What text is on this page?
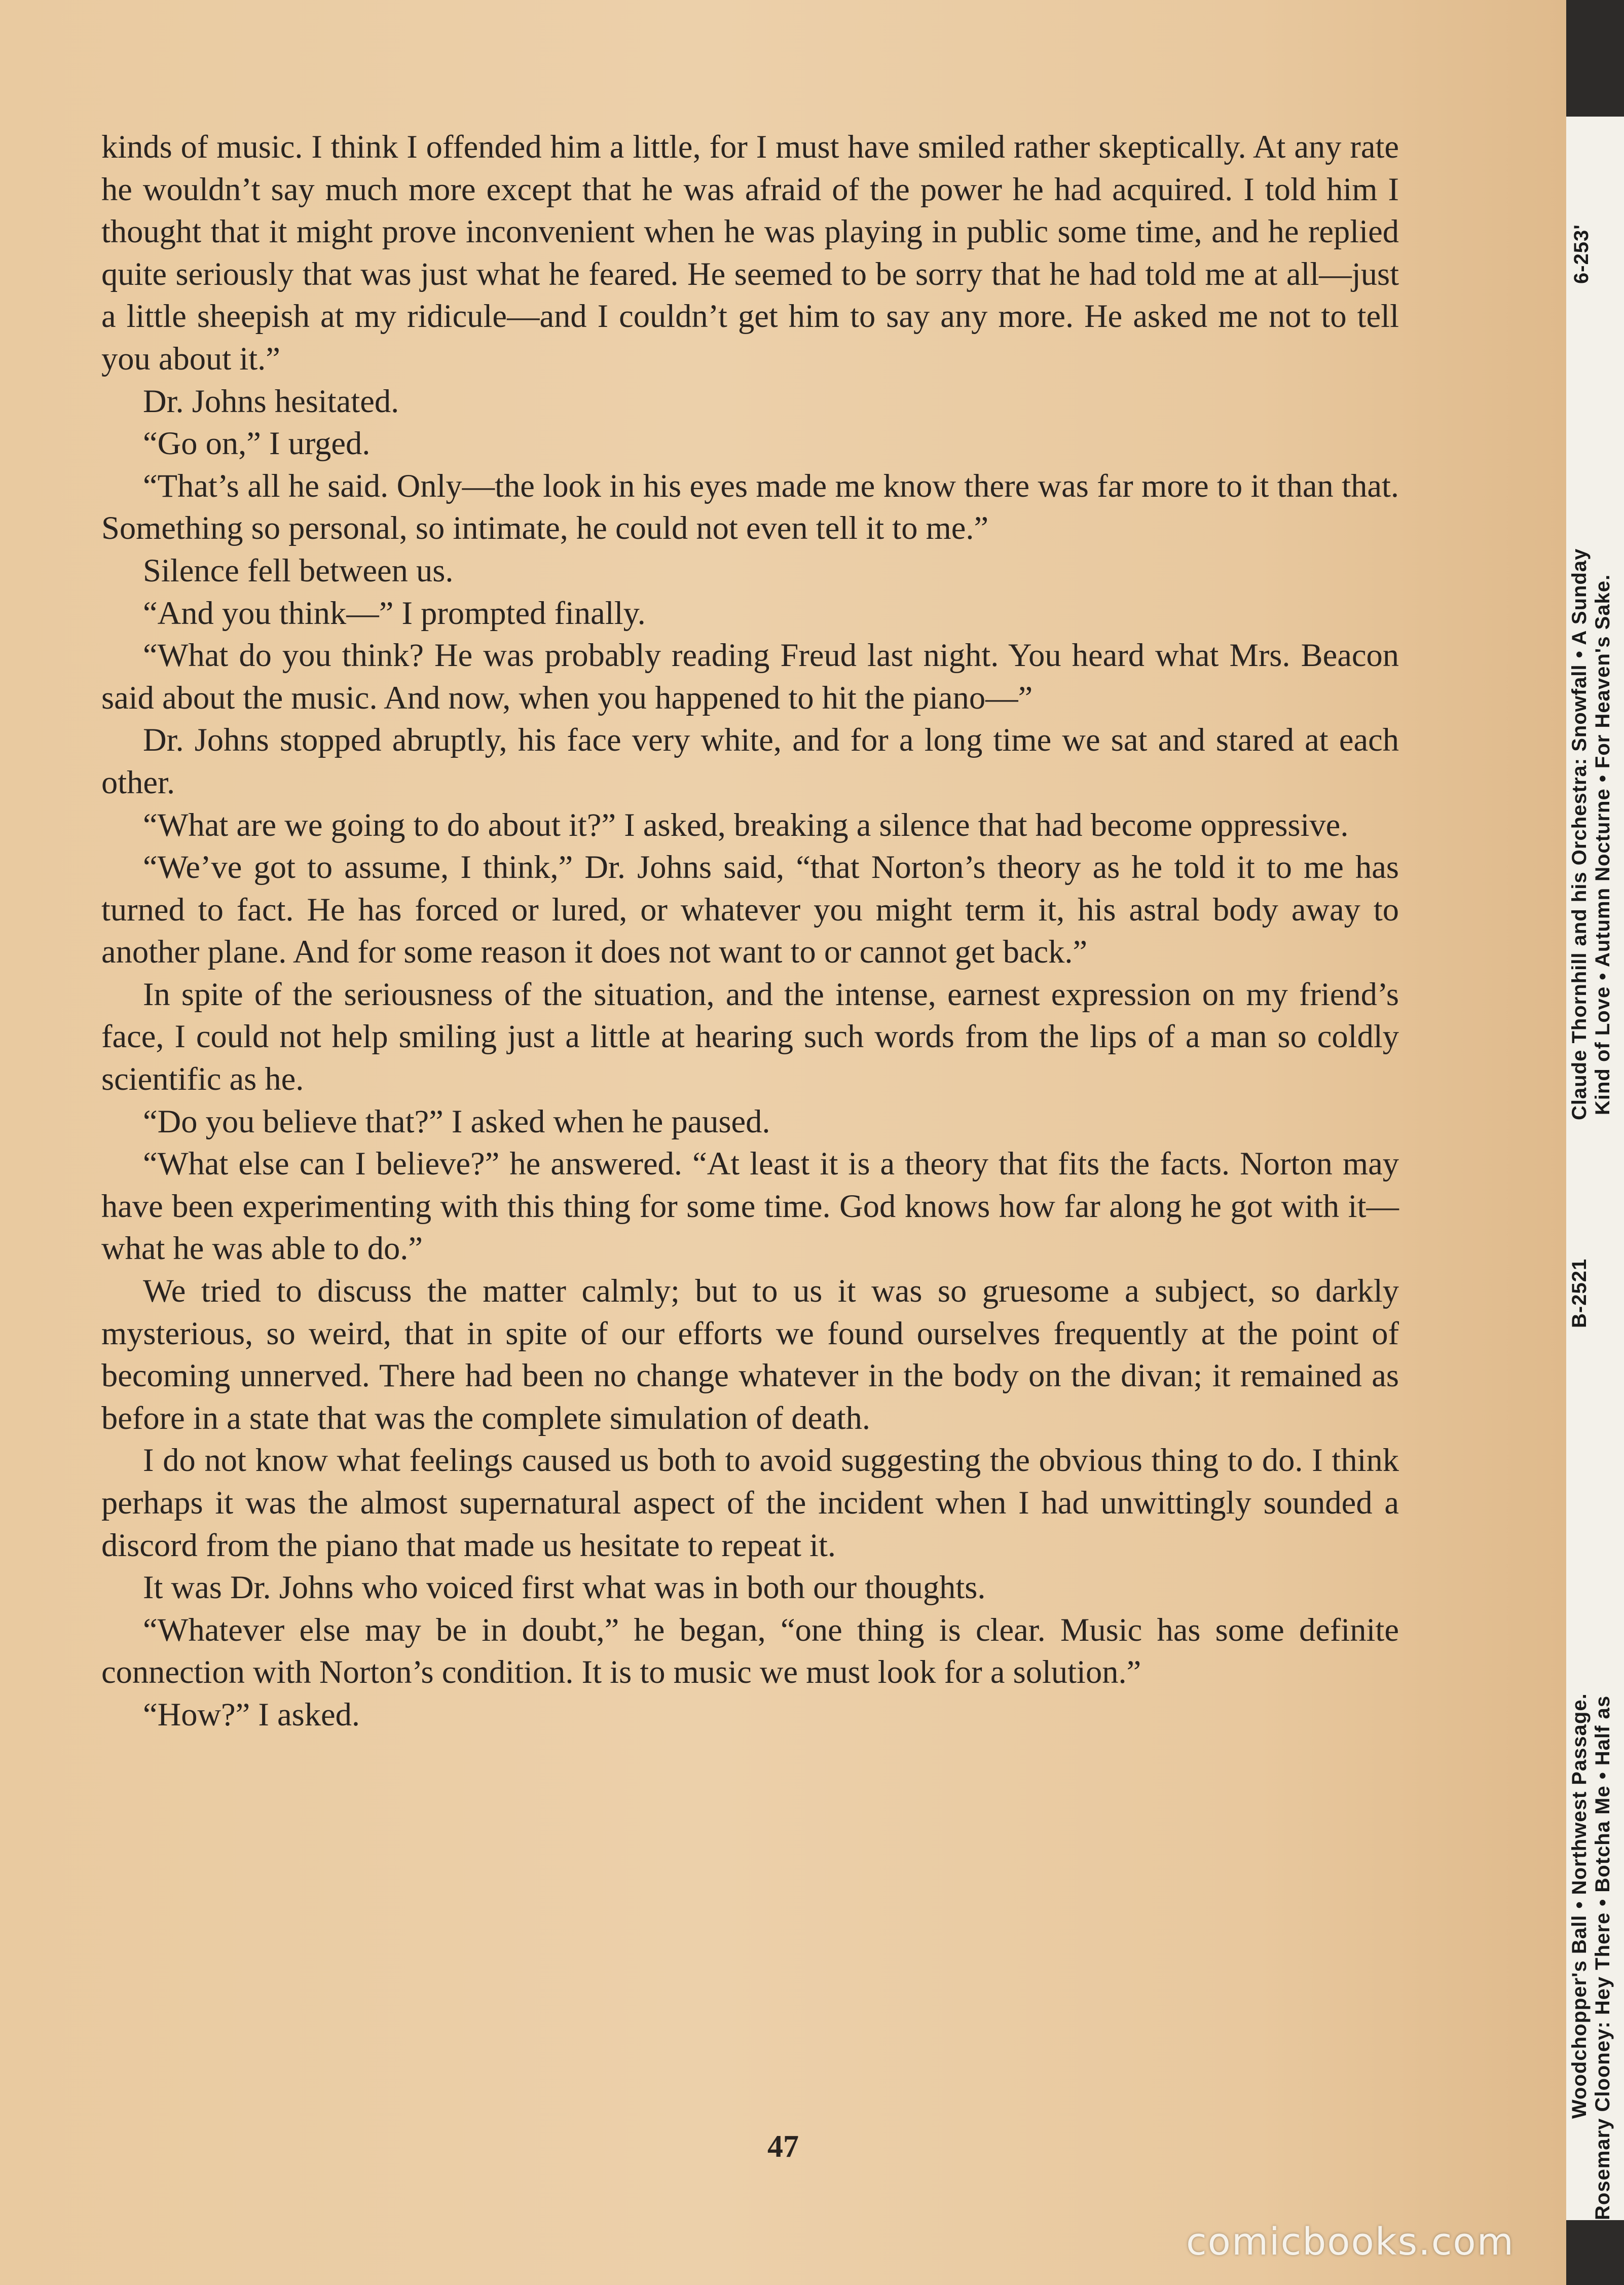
kinds of music. I think I offended him a little, for I must have smiled rather skeptically. At any rate he wouldn’t say much more except that he was afraid of the power he had acquired. I told him I thought that it might prove inconvenient when he was playing in public some time, and he replied quite seriously that was just what he feared. He seemed to be sorry that he had told me at all—just a little sheepish at my ridicule—and I couldn’t get him to say any more. He asked me not to tell you about it.”

Dr. Johns hesitated.

“Go on,” I urged.

“That’s all he said. Only—the look in his eyes made me know there was far more to it than that. Something so personal, so intimate, he could not even tell it to me.”

Silence fell between us.

“And you think—” I prompted finally.

“What do you think? He was probably reading Freud last night. You heard what Mrs. Beacon said about the music. And now, when you happened to hit the piano—”

Dr. Johns stopped abruptly, his face very white, and for a long time we sat and stared at each other.

“What are we going to do about it?” I asked, breaking a silence that had become oppressive.

“We’ve got to assume, I think,” Dr. Johns said, “that Norton’s theory as he told it to me has turned to fact. He has forced or lured, or whatever you might term it, his astral body away to another plane. And for some reason it does not want to or cannot get back.”

In spite of the seriousness of the situation, and the intense, earnest expression on my friend’s face, I could not help smiling just a little at hearing such words from the lips of a man so coldly scientific as he.

“Do you believe that?” I asked when he paused.

“What else can I believe?” he answered. “At least it is a theory that fits the facts. Norton may have been experimenting with this thing for some time. God knows how far along he got with it—what he was able to do.”

We tried to discuss the matter calmly; but to us it was so gruesome a subject, so darkly mysterious, so weird, that in spite of our efforts we found ourselves frequently at the point of becoming unnerved. There had been no change whatever in the body on the divan; it remained as before in a state that was the complete simulation of death.

I do not know what feelings caused us both to avoid suggesting the obvious thing to do. I think perhaps it was the almost supernatural aspect of the incident when I had unwittingly sounded a discord from the piano that made us hesitate to repeat it.

It was Dr. Johns who voiced first what was in both our thoughts.

“Whatever else may be in doubt,” he began, “one thing is clear. Music has some definite connection with Norton’s condition. It is to music we must look for a solution.”

“How?” I asked.

47
Claude Thornhill and his Orchestra: Snowfall • A Sunday Kind of Love • Autumn Nocturne • For Heaven's Sake.
6-253'
Woodchopper's Ball • Northwest Passage. Rosemary Clooney: Hey There • Botcha Me • Half as
B-2521
comicbooks.com
